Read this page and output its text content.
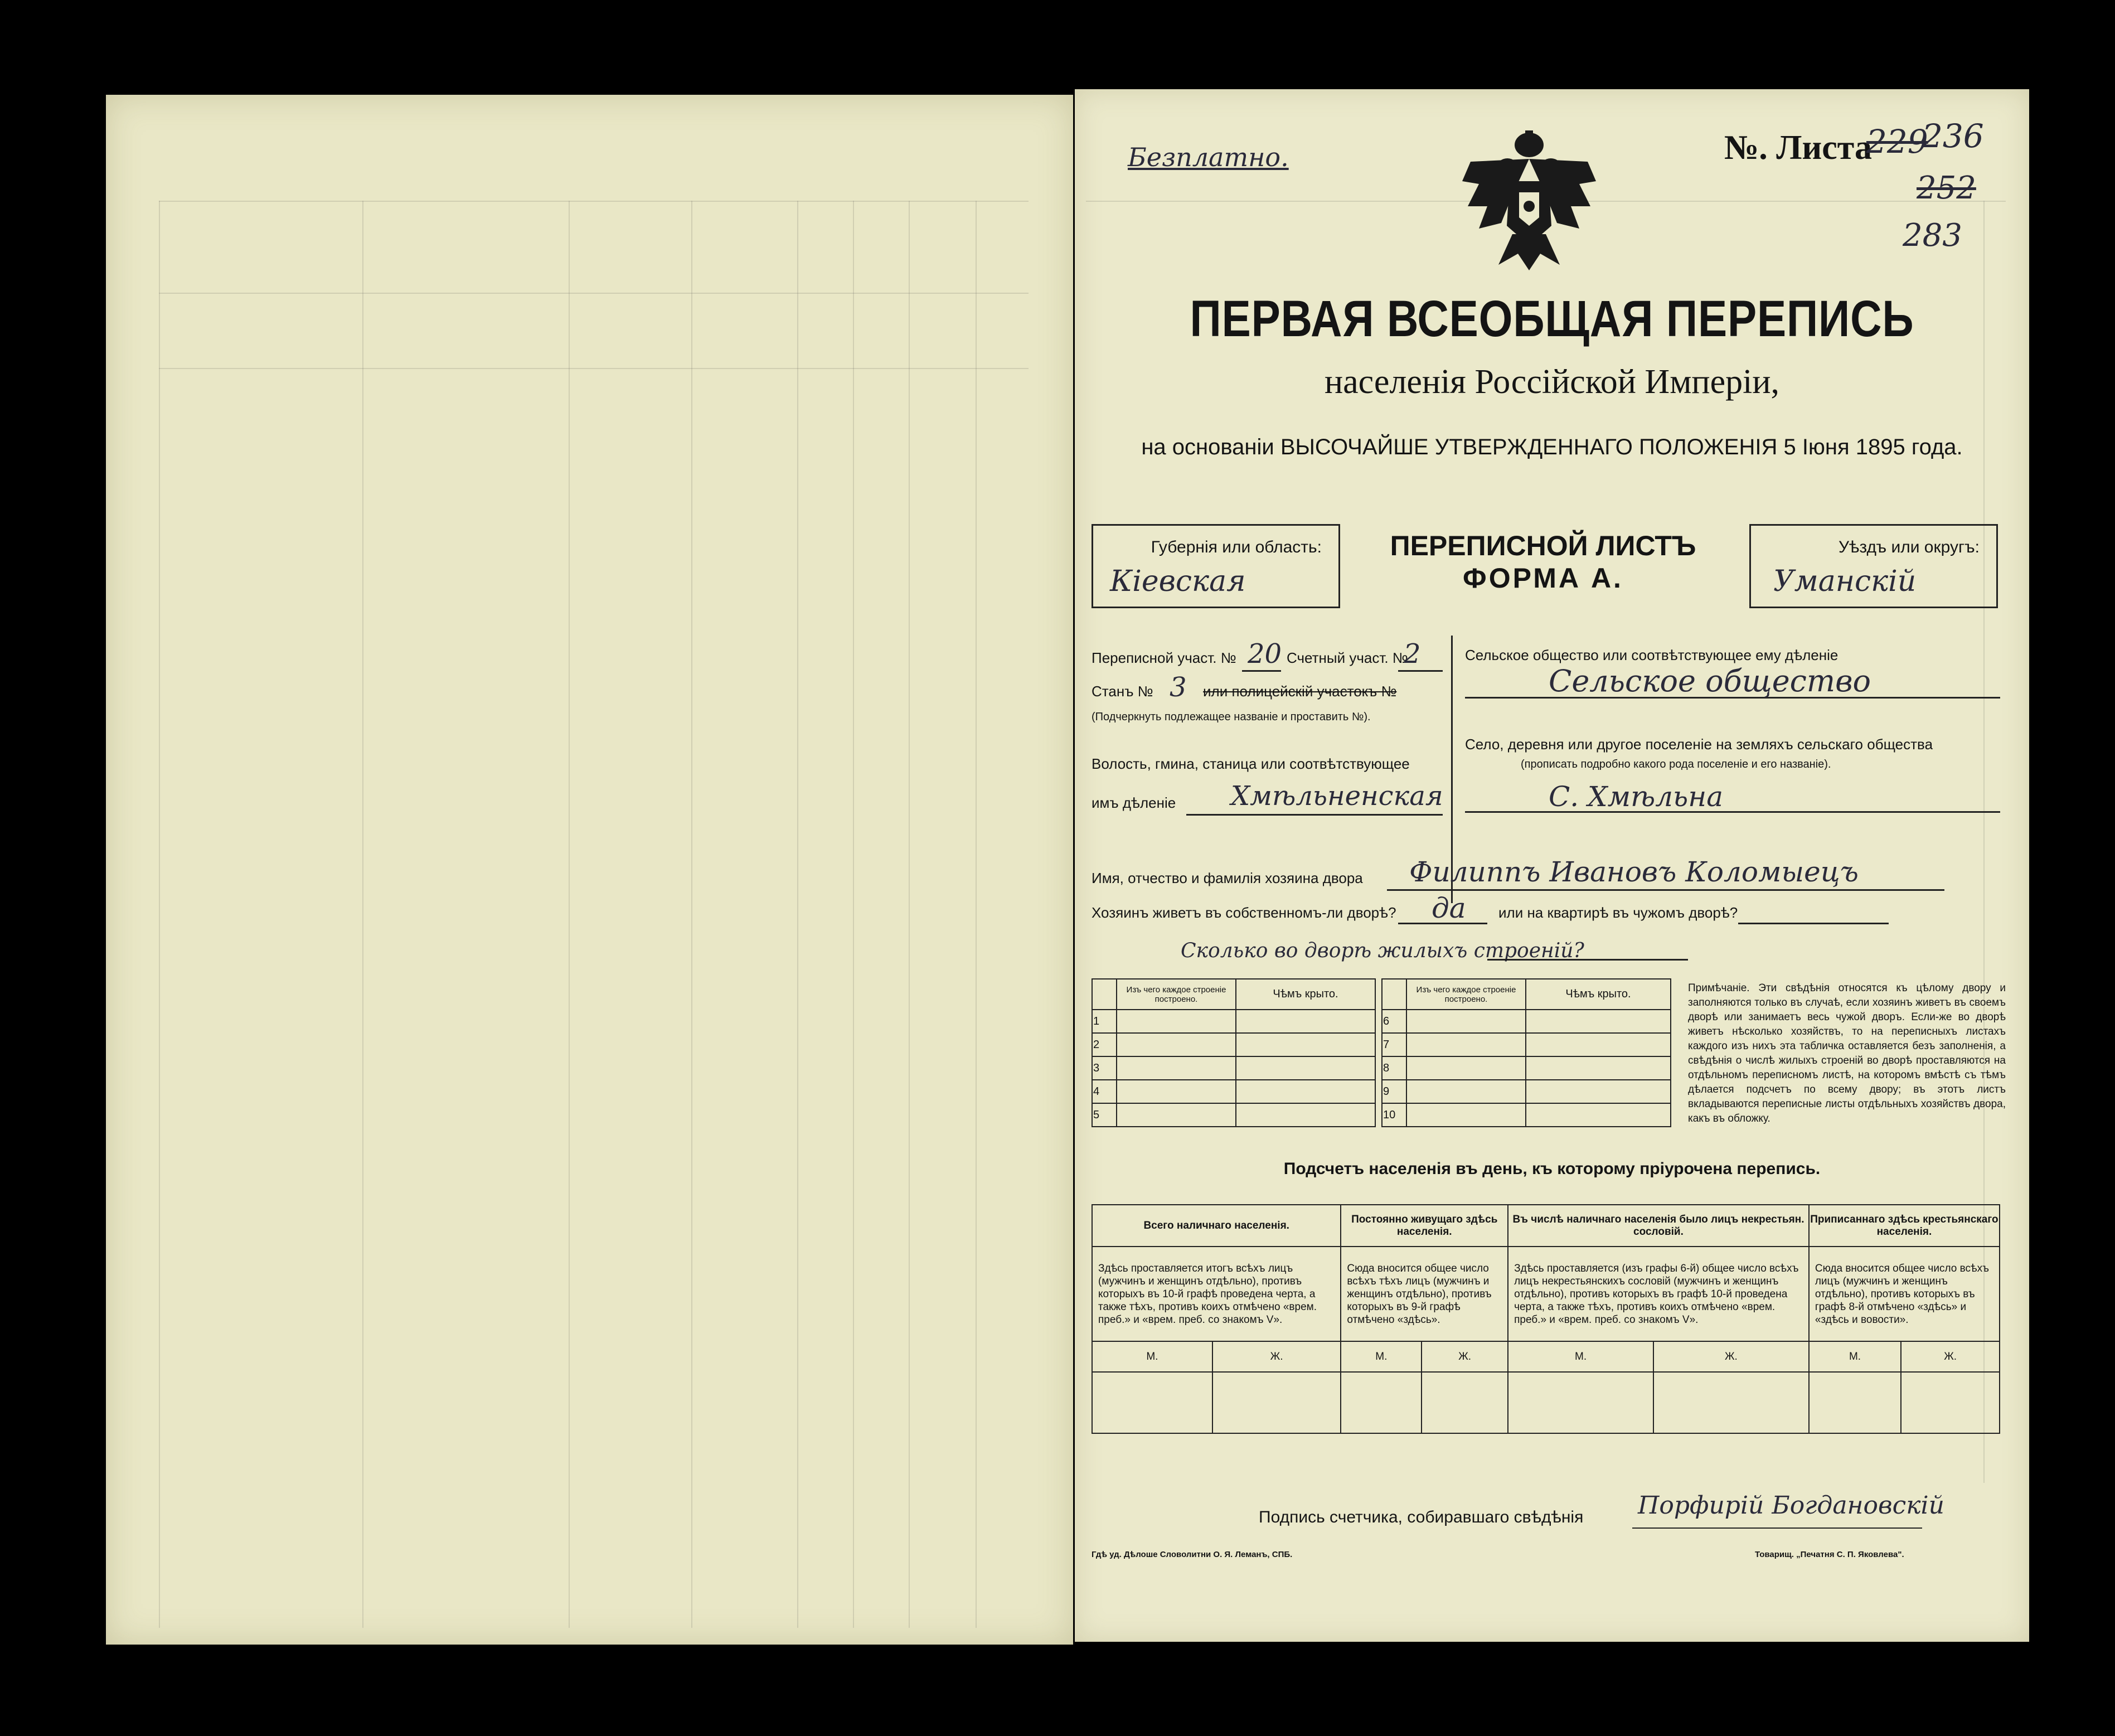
Безплатно.	№. Листа
229
236
252
283
ПЕРВАЯ ВСЕОБЩАЯ ПЕРЕПИСЬ
населенія Россійской Имперіи,
на основаніи ВЫСОЧАЙШЕ УТВЕРЖДЕННАГО ПОЛОЖЕНІЯ 5 Іюня 1895 года.
Губернія или область:
Кіевская
ПЕРЕПИСНОЙ ЛИСТЪ
ФОРМА А.
Уѣздъ или округъ:
Уманскій
Переписной участ. № 20 Счетный участ. №
2
Станъ № 3 или полицейскій участокъ №
(Подчеркнуть подлежащее названіе и проставить №).
Волость, гмина, станица или соотвѣтствующее
имъ дѣленіе Хмѣльненская
Сельское общество или соотвѣтствующее ему дѣленіе
Сельское общество
Село, деревня или другое поселеніе на земляхъ сельскаго общества
(прописать подробно какого рода поселеніе и его названіе).
С. Хмѣльна
Имя, отчество и фамилія хозяина двора Филиппъ Ивановъ Коломыецъ
Хозяинъ живетъ въ собственномъ-ли дворѣ? да или на квартирѣ въ чужомъ дворѣ?
Сколько во дворѣ жилыхъ строеній?
	Изъ чего каждое строеніе построено.	Чѣмъ крыто.
1		
2		
3		
4		
5		
	Изъ чего каждое строеніе построено.	Чѣмъ крыто.
6		
7		
8		
9		
10		
Примѣчаніе. Эти свѣдѣнія относятся къ цѣлому двору и заполняются только въ случаѣ, если хозяинъ живетъ въ своемъ дворѣ или занимаетъ весь чужой дворъ. Если-же во дворѣ живетъ нѣсколько хозяйствъ, то на переписныхъ листахъ каждого изъ нихъ эта табличка оставляется безъ заполненія, а свѣдѣнія о числѣ жилыхъ строеній во дворѣ проставляются на отдѣльномъ переписномъ листѣ, на которомъ вмѣстѣ съ тѣмъ дѣлается подсчетъ по всему двору; въ этотъ листъ вкладываются переписные листы отдѣльныхъ хозяйствъ двора, какъ въ обложку.
Подсчетъ населенія въ день, къ которому пріурочена перепись.
Всего наличнаго населенія.		Постоянно живущаго здѣсь населенія.		Въ числѣ наличнаго населенія было лицъ некрестьян. сословій.		Приписаннаго здѣсь крестьянскаго населенія.	
Здѣсь проставляется итогъ всѣхъ лицъ (мужчинъ и женщинъ отдѣльно), противъ которыхъ въ 10-й графѣ проведена черта, а также тѣхъ, противъ коихъ отмѣчено «врем. преб.» и «врем. преб. со знакомъ V».		Сюда вносится общее число всѣхъ тѣхъ лицъ (мужчинъ и женщинъ отдѣльно), противъ которыхъ въ 9-й графѣ отмѣчено «здѣсь».		Здѣсь проставляется (изъ графы 6-й) общее число всѣхъ лицъ некрестьянскихъ сословій (мужчинъ и женщинъ отдѣльно), противъ которыхъ въ графѣ 10-й проведена черта, а также тѣхъ, противъ коихъ отмѣчено «врем. преб.» и «врем. преб. со знакомъ V».		Сюда вносится общее число всѣхъ лицъ (мужчинъ и женщинъ отдѣльно), противъ которыхъ въ графѣ 8-й отмѣчено «здѣсь» и «здѣсь и вовости».	
М.	Ж.	М.	Ж.	М.	Ж.	М.	Ж.

Подпись счетчика, собиравшаго свѣдѣнія Порфирій Богдановскій
Гдѣ уд. Дѣлоше Словолитни О. Я. Леманъ, СПБ.	Товарищ. „Печатня С. П. Яковлева".
